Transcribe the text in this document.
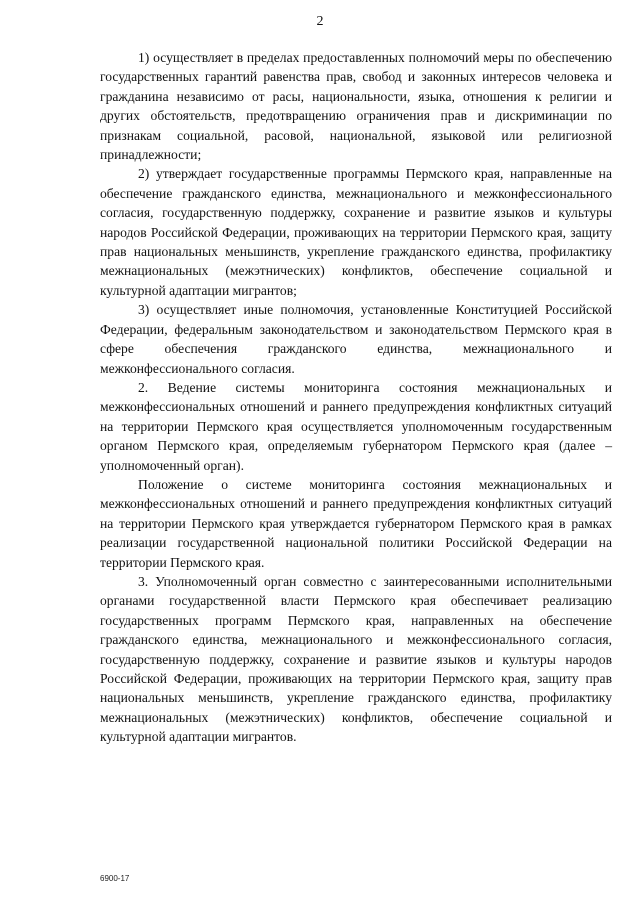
2

1) осуществляет в пределах предоставленных полномочий меры по обеспечению государственных гарантий равенства прав, свобод и законных интересов человека и гражданина независимо от расы, национальности, языка, отношения к религии и других обстоятельств, предотвращению ограничения прав и дискриминации по признакам социальной, расовой, национальной, языковой или религиозной принадлежности;

2) утверждает государственные программы Пермского края, направленные на обеспечение гражданского единства, межнационального и межконфессионального согласия, государственную поддержку, сохранение и развитие языков и культуры народов Российской Федерации, проживающих на территории Пермского края, защиту прав национальных меньшинств, укрепление гражданского единства, профилактику межнациональных (межэтнических) конфликтов, обеспечение социальной и культурной адаптации мигрантов;

3) осуществляет иные полномочия, установленные Конституцией Российской Федерации, федеральным законодательством и законодательством Пермского края в сфере обеспечения гражданского единства, межнационального и межконфессионального согласия.

2. Ведение системы мониторинга состояния межнациональных и межконфессиональных отношений и раннего предупреждения конфликтных ситуаций на территории Пермского края осуществляется уполномоченным государственным органом Пермского края, определяемым губернатором Пермского края (далее – уполномоченный орган).

Положение о системе мониторинга состояния межнациональных и межконфессиональных отношений и раннего предупреждения конфликтных ситуаций на территории Пермского края утверждается губернатором Пермского края в рамках реализации государственной национальной политики Российской Федерации на территории Пермского края.

3. Уполномоченный орган совместно с заинтересованными исполнительными органами государственной власти Пермского края обеспечивает реализацию государственных программ Пермского края, направленных на обеспечение гражданского единства, межнационального и межконфессионального согласия, государственную поддержку, сохранение и развитие языков и культуры народов Российской Федерации, проживающих на территории Пермского края, защиту прав национальных меньшинств, укрепление гражданского единства, профилактику межнациональных (межэтнических) конфликтов, обеспечение социальной и культурной адаптации мигрантов.

6900-17
